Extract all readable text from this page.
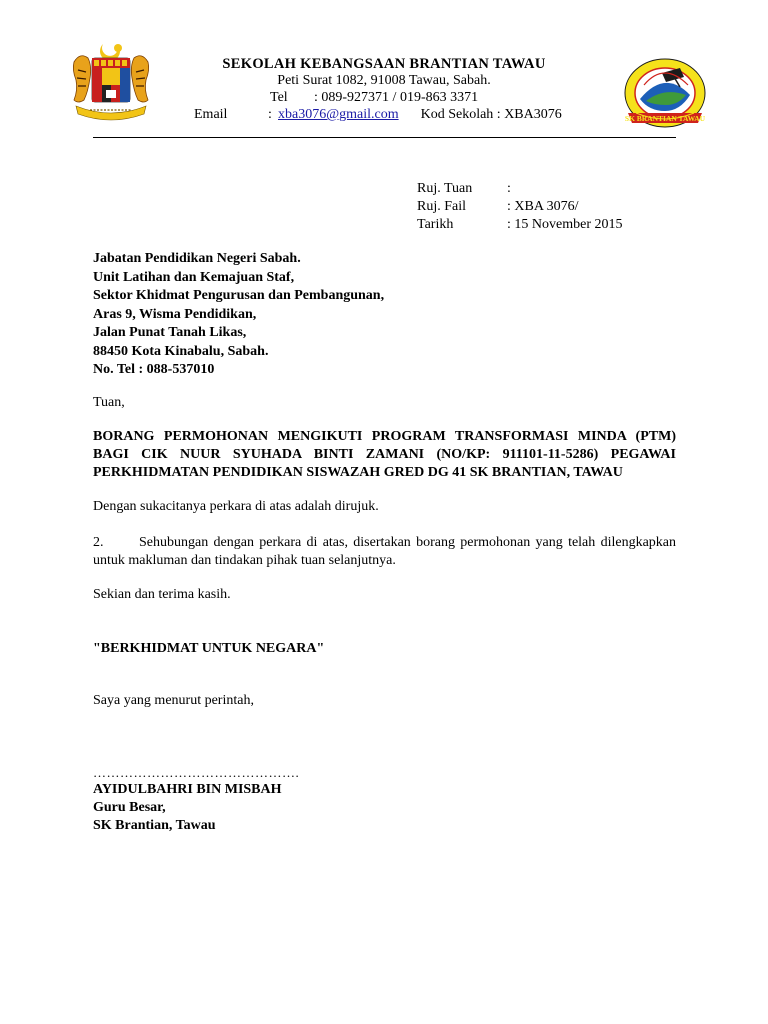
SEKOLAH KEBANGSAAN BRANTIAN TAWAU
Peti Surat 1082, 91008 Tawau, Sabah.
Tel : 089-927371 / 019-863 3371
Email	: xba3076@gmail.com Kod Sekolah : XBA3076	SK BRANTIAN TAWAU
Ruj. Tuan :
Ruj. Fail	: XBA 3076/
Tarikh	: 15 November 2015
Jabatan Pendidikan Negeri Sabah.
Unit Latihan dan Kemajuan Staf,
Sektor Khidmat Pengurusan dan Pembangunan,
Aras 9, Wisma Pendidikan,
Jalan Punat Tanah Likas,
88450 Kota Kinabalu, Sabah.
No. Tel : 088-537010
Tuan,
BORANG PERMOHONAN MENGIKUTI PROGRAM TRANSFORMASI MINDA (PTM) BAGI CIK NUUR SYUHADA BINTI ZAMANI (NO/KP: 911101-11-5286) PEGAWAI PERKHIDMATAN PENDIDIKAN SISWAZAH GRED DG 41 SK BRANTIAN, TAWAU
Dengan sukacitanya perkara di atas adalah dirujuk.
2.	Sehubungan dengan perkara di atas, disertakan borang permohonan yang telah dilengkapkan untuk makluman dan tindakan pihak tuan selanjutnya.
Sekian dan terima kasih.
"BERKHIDMAT UNTUK NEGARA"
Saya yang menurut perintah,
……………………………………….
AYIDULBAHRI BIN MISBAH
Guru Besar,
SK Brantian, Tawau
